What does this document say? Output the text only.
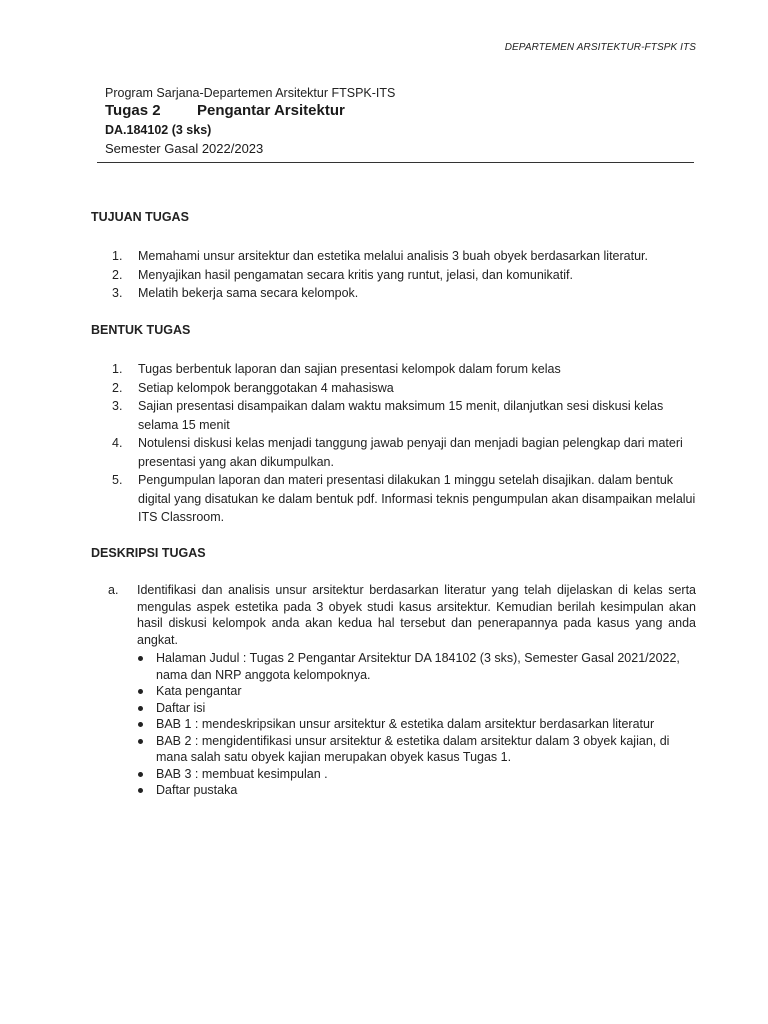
DEPARTEMEN ARSITEKTUR-FTSPK ITS
Program Sarjana-Departemen Arsitektur FTSPK-ITS
Tugas 2 Pengantar Arsitektur
DA.184102 (3 sks)
Semester Gasal 2022/2023
TUJUAN TUGAS
1. Memahami unsur arsitektur dan estetika melalui analisis 3 buah obyek berdasarkan literatur.
2. Menyajikan hasil pengamatan secara kritis yang runtut, jelasi, dan komunikatif.
3. Melatih bekerja sama secara kelompok.
BENTUK TUGAS
1. Tugas berbentuk laporan dan sajian presentasi kelompok dalam forum kelas
2. Setiap kelompok beranggotakan 4 mahasiswa
3. Sajian presentasi disampaikan dalam waktu maksimum 15 menit, dilanjutkan sesi diskusi kelas selama 15 menit
4. Notulensi diskusi kelas menjadi tanggung jawab penyaji dan menjadi bagian pelengkap dari materi presentasi yang akan dikumpulkan.
5. Pengumpulan laporan dan materi presentasi dilakukan 1 minggu setelah disajikan. dalam bentuk digital yang disatukan ke dalam bentuk pdf. Informasi teknis pengumpulan akan disampaikan melalui ITS Classroom.
DESKRIPSI TUGAS
a. Identifikasi dan analisis unsur arsitektur berdasarkan literatur yang telah dijelaskan di kelas serta mengulas aspek estetika pada 3 obyek studi kasus arsitektur. Kemudian berilah kesimpulan akan hasil diskusi kelompok anda akan kedua hal tersebut dan penerapannya pada kasus yang anda angkat.
Halaman Judul : Tugas 2 Pengantar Arsitektur DA 184102 (3 sks), Semester Gasal 2021/2022, nama dan NRP anggota kelompoknya.
Kata pengantar
Daftar isi
BAB 1 : mendeskripsikan unsur arsitektur & estetika dalam arsitektur berdasarkan literatur
BAB 2 : mengidentifikasi unsur arsitektur & estetika dalam arsitektur dalam 3 obyek kajian, di mana salah satu obyek kajian merupakan obyek kasus Tugas 1.
BAB 3 : membuat kesimpulan .
Daftar pustaka
